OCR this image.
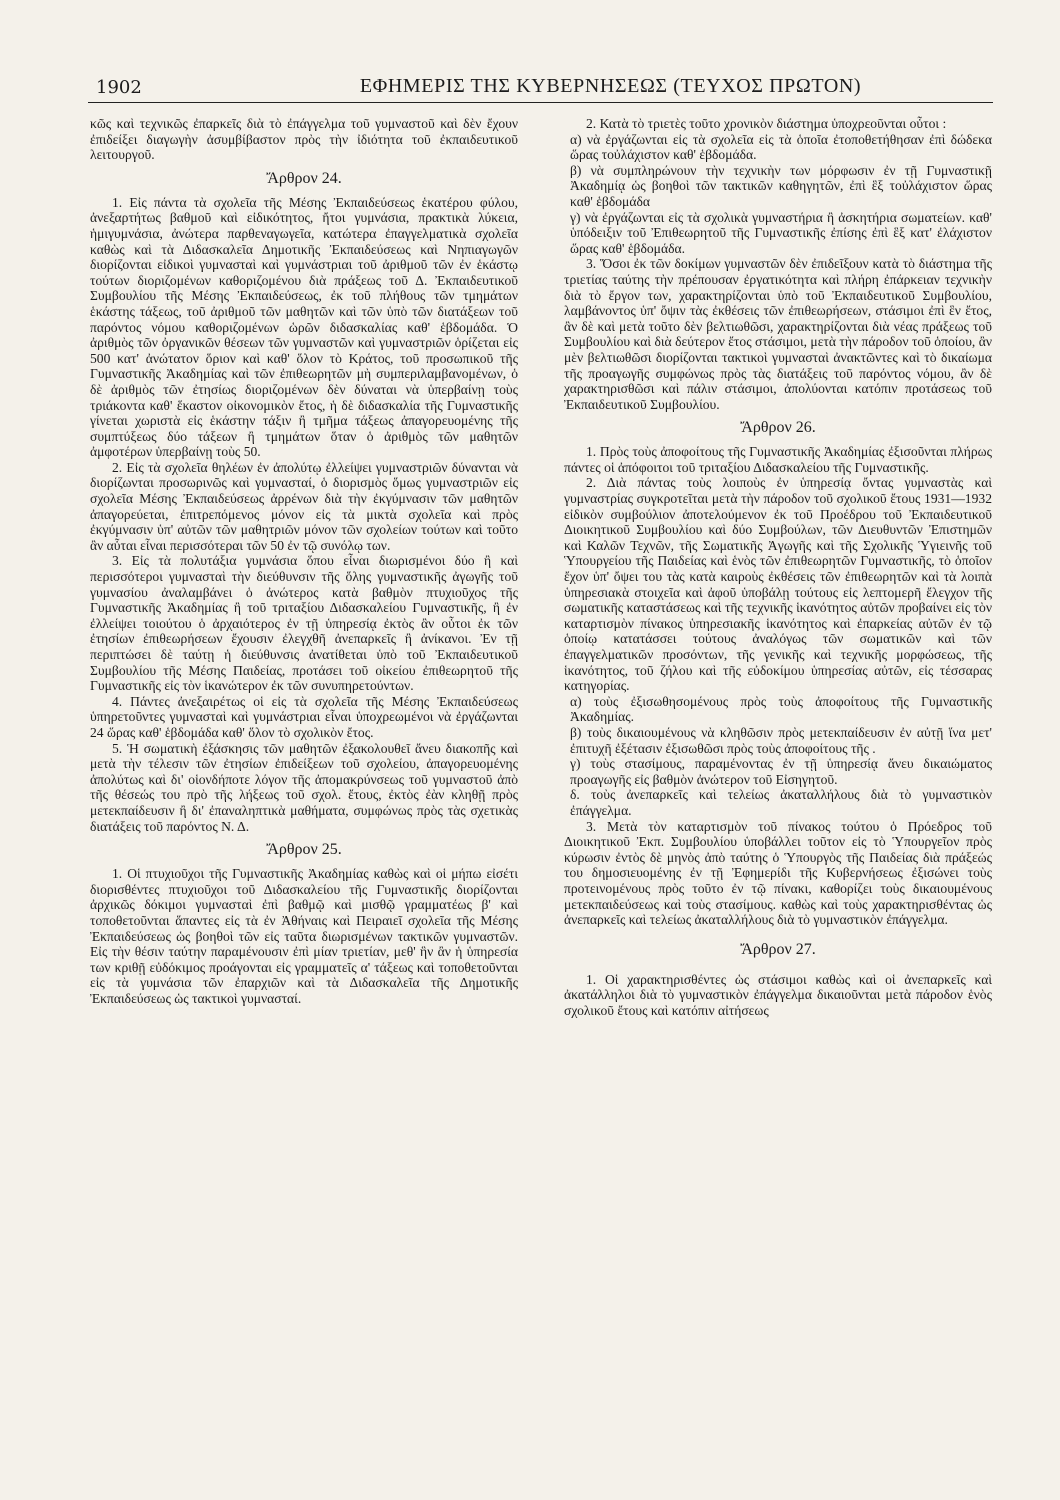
1902	ΕΦΗΜΕΡΙΣ ΤΗΣ ΚΥΒΕΡΝΗΣΕΩΣ (ΤΕΥΧΟΣ ΠΡΩΤΟΝ)

κῶς καὶ τεχνικῶς ἐπαρκεῖς διὰ τὸ ἐπάγγελμα τοῦ γυμναστοῦ καὶ δὲν ἔχουν ἐπιδείξει διαγωγὴν ἀσυμβίβαστον πρὸς τὴν ἰδιότητα τοῦ ἐκπαιδευτικοῦ λειτουργοῦ.

Ἄρθρον 24.

1. Εἰς πάντα τὰ σχολεῖα τῆς Μέσης Ἐκπαιδεύσεως ἑκατέρου φύλου, ἀνεξαρτήτως βαθμοῦ καὶ εἰδικότητος, ἤτοι γυμνάσια, πρακτικὰ λύκεια, ἡμιγυμνάσια, ἀνώτερα παρθεναγωγεῖα, κατώτερα ἐπαγγελματικὰ σχολεῖα καθὼς καὶ τὰ Διδασκαλεῖα Δημοτικῆς Ἐκπαιδεύσεως καὶ Νηπιαγωγῶν διορίζονται εἰδικοὶ γυμνασταὶ καὶ γυμνάστριαι τοῦ ἀριθμοῦ τῶν ἐν ἑκάστῳ τούτων διοριζομένων καθοριζομένου διὰ πράξεως τοῦ Δ. Ἐκπαιδευτικοῦ Συμβουλίου τῆς Μέσης Ἐκπαιδεύσεως, ἐκ τοῦ πλήθους τῶν τμημάτων ἑκάστης τάξεως, τοῦ ἀριθμοῦ τῶν μαθητῶν καὶ τῶν ὑπὸ τῶν διατάξεων τοῦ παρόντος νόμου καθοριζομένων ὡρῶν διδασκαλίας καθ' ἑβδομάδα. Ὁ ἀριθμὸς τῶν ὀργανικῶν θέσεων τῶν γυμναστῶν καὶ γυμναστριῶν ὁρίζεται εἰς 500 κατ' ἀνώτατον ὅριον καὶ καθ' ὅλον τὸ Κράτος, τοῦ προσωπικοῦ τῆς Γυμναστικῆς Ἀκαδημίας καὶ τῶν ἐπιθεωρητῶν μὴ συμπεριλαμβανομένων, ὁ δὲ ἀριθμὸς τῶν ἐτησίως διοριζομένων δὲν δύναται νὰ ὑπερβαίνῃ τοὺς τριάκοντα καθ' ἕκαστον οἰκονομικὸν ἔτος, ἡ δὲ διδασκαλία τῆς Γυμναστικῆς γίνεται χωριστὰ εἰς ἑκάστην τάξιν ἢ τμῆμα τάξεως ἀπαγορευομένης τῆς συμπτύξεως δύο τάξεων ἢ τμημάτων ὅταν ὁ ἀριθμὸς τῶν μαθητῶν ἀμφοτέρων ὑπερβαίνῃ τοὺς 50.

2. Εἰς τὰ σχολεῖα θηλέων ἐν ἀπολύτῳ ἐλλείψει γυμναστριῶν δύνανται νὰ διορίζωνται προσωρινῶς καὶ γυμνασταί, ὁ διορισμὸς ὅμως γυμναστριῶν εἰς σχολεῖα Μέσης Ἐκπαιδεύσεως ἀρρένων διὰ τὴν ἐκγύμνασιν τῶν μαθητῶν ἀπαγορεύεται, ἐπιτρεπόμενος μόνον εἰς τὰ μικτὰ σχολεῖα καὶ πρὸς ἐκγύμνασιν ὑπ' αὐτῶν τῶν μαθητριῶν μόνον τῶν σχολείων τούτων καὶ τοῦτο ἂν αὗται εἶναι περισσότεραι τῶν 50 ἐν τῷ συνόλῳ των.

3. Εἰς τὰ πολυτάξια γυμνάσια ὅπου εἶναι διωρισμένοι δύο ἢ καὶ περισσότεροι γυμνασταὶ τὴν διεύθυνσιν τῆς ὅλης γυμναστικῆς ἀγωγῆς τοῦ γυμνασίου ἀναλαμβάνει ὁ ἀνώτερος κατὰ βαθμὸν πτυχιοῦχος τῆς Γυμναστικῆς Ἀκαδημίας ἢ τοῦ τριταξίου Διδασκαλείου Γυμναστικῆς, ἢ ἐν ἐλλείψει τοιούτου ὁ ἀρχαιότερος ἐν τῇ ὑπηρεσίᾳ ἐκτὸς ἂν οὗτοι ἐκ τῶν ἐτησίων ἐπιθεωρήσεων ἔχουσιν ἐλεγχθῆ ἀνεπαρκεῖς ἢ ἀνίκανοι. Ἐν τῇ περιπτώσει δὲ ταύτῃ ἡ διεύθυνσις ἀνατίθεται ὑπὸ τοῦ Ἐκπαιδευτικοῦ Συμβουλίου τῆς Μέσης Παιδείας, προτάσει τοῦ οἰκείου ἐπιθεωρητοῦ τῆς Γυμναστικῆς εἰς τὸν ἱκανώτερον ἐκ τῶν συνυπηρετούντων.

4. Πάντες ἀνεξαιρέτως οἱ εἰς τὰ σχολεῖα τῆς Μέσης Ἐκπαιδεύσεως ὑπηρετοῦντες γυμνασταὶ καὶ γυμνάστριαι εἶναι ὑποχρεωμένοι νὰ ἐργάζωνται 24 ὥρας καθ' ἑβδομάδα καθ' ὅλον τὸ σχολικὸν ἔτος.

5. Ἡ σωματικὴ ἐξάσκησις τῶν μαθητῶν ἐξακολουθεῖ ἄνευ διακοπῆς καὶ μετὰ τὴν τέλεσιν τῶν ἐτησίων ἐπιδείξεων τοῦ σχολείου, ἀπαγορευομένης ἀπολύτως καὶ δι' οἱονδήποτε λόγον τῆς ἀπομακρύνσεως τοῦ γυμναστοῦ ἀπὸ τῆς θέσεώς του πρὸ τῆς λήξεως τοῦ σχολ. ἔτους, ἐκτὸς ἐὰν κληθῇ πρὸς μετεκπαίδευσιν ἢ δι' ἐπαναληπτικὰ μαθήματα, συμφώνως πρὸς τὰς σχετικὰς διατάξεις τοῦ παρόντος Ν. Δ.

Ἄρθρον 25.

1. Οἱ πτυχιοῦχοι τῆς Γυμναστικῆς Ἀκαδημίας καθὼς καὶ οἱ μήπω εἰσέτι διορισθέντες πτυχιοῦχοι τοῦ Διδασκαλείου τῆς Γυμναστικῆς διορίζονται ἀρχικῶς δόκιμοι γυμνασταὶ ἐπὶ βαθμῷ καὶ μισθῷ γραμματέως β' καὶ τοποθετοῦνται ἅπαντες εἰς τὰ ἐν Ἀθήναις καὶ Πειραιεῖ σχολεῖα τῆς Μέσης Ἐκπαιδεύσεως ὡς βοηθοὶ τῶν εἰς ταῦτα διωρισμένων τακτικῶν γυμναστῶν. Εἰς τὴν θέσιν ταύτην παραμένουσιν ἐπὶ μίαν τριετίαν, μεθ' ἣν ἂν ἡ ὑπηρεσία των κριθῇ εὐδόκιμος προάγονται εἰς γραμματεῖς α' τάξεως καὶ τοποθετοῦνται εἰς τὰ γυμνάσια τῶν ἐπαρχιῶν καὶ τὰ Διδασκαλεῖα τῆς Δημοτικῆς Ἐκπαιδεύσεως ὡς τακτικοὶ γυμνασταί.

2. Κατὰ τὸ τριετὲς τοῦτο χρονικὸν διάστημα ὑποχρεοῦνται οὗτοι :

α) νὰ ἐργάζωνται εἰς τὰ σχολεῖα εἰς τὰ ὁποῖα ἐτοποθετήθησαν ἐπὶ δώδεκα ὥρας τοὐλάχιστον καθ' ἑβδομάδα.

β) νὰ συμπληρώνουν τὴν τεχνικὴν των μόρφωσιν ἐν τῇ Γυμναστικῇ Ἀκαδημίᾳ ὡς βοηθοὶ τῶν τακτικῶν καθηγητῶν, ἐπὶ ἓξ τοὐλάχιστον ὥρας καθ' ἑβδομάδα

γ) νὰ ἐργάζωνται εἰς τὰ σχολικὰ γυμναστήρια ἢ ἀσκητήρια σωματείων. καθ' ὑπόδειξιν τοῦ Ἐπιθεωρητοῦ τῆς Γυμναστικῆς ἐπίσης ἐπὶ ἓξ κατ' ἐλάχιστον ὥρας καθ' ἑβδομάδα.

3. Ὅσοι ἐκ τῶν δοκίμων γυμναστῶν δὲν ἐπιδεῖξουν κατὰ τὸ διάστημα τῆς τριετίας ταύτης τὴν πρέπουσαν ἐργατικότητα καὶ πλήρη ἐπάρκειαν τεχνικὴν διὰ τὸ ἔργον των, χαρακτηρίζονται ὑπὸ τοῦ Ἐκπαιδευτικοῦ Συμβουλίου, λαμβάνοντος ὑπ' ὄψιν τὰς ἐκθέσεις τῶν ἐπιθεωρήσεων, στάσιμοι ἐπὶ ἓν ἔτος, ἂν δὲ καὶ μετὰ τοῦτο δὲν βελτιωθῶσι, χαρακτηρίζονται διὰ νέας πράξεως τοῦ Συμβουλίου καὶ διὰ δεύτερον ἔτος στάσιμοι, μετὰ τὴν πάροδον τοῦ ὁποίου, ἂν μὲν βελτιωθῶσι διορίζονται τακτικοὶ γυμνασταὶ ἀνακτῶντες καὶ τὸ δικαίωμα τῆς προαγωγῆς συμφώνως πρὸς τὰς διατάξεις τοῦ παρόντος νόμου, ἂν δὲ χαρακτηρισθῶσι καὶ πάλιν στάσιμοι, ἀπολύονται κατόπιν προτάσεως τοῦ Ἐκπαιδευτικοῦ Συμβουλίου.

Ἄρθρον 26.

1. Πρὸς τοὺς ἀποφοίτους τῆς Γυμναστικῆς Ἀκαδημίας ἐξισοῦνται πλήρως πάντες οἱ ἀπόφοιτοι τοῦ τριταξίου Διδασκαλείου τῆς Γυμναστικῆς.

2. Διὰ πάντας τοὺς λοιποὺς ἐν ὑπηρεσίᾳ ὄντας γυμναστὰς καὶ γυμναστρίας συγκροτεῖται μετὰ τὴν πάροδον τοῦ σχολικοῦ ἔτους 1931—1932 εἰδικὸν συμβούλιον ἀποτελούμενον ἐκ τοῦ Προέδρου τοῦ Ἐκπαιδευτικοῦ Διοικητικοῦ Συμβουλίου καὶ δύο Συμβούλων, τῶν Διευθυντῶν Ἐπιστημῶν καὶ Καλῶν Τεχνῶν, τῆς Σωματικῆς Ἀγωγῆς καὶ τῆς Σχολικῆς Ὑγιεινῆς τοῦ Ὑπουργείου τῆς Παιδείας καὶ ἑνὸς τῶν ἐπιθεωρητῶν Γυμναστικῆς, τὸ ὁποῖον ἔχον ὑπ' ὄψει του τὰς κατὰ καιροὺς ἐκθέσεις τῶν ἐπιθεωρητῶν καὶ τὰ λοιπὰ ὑπηρεσιακὰ στοιχεῖα καὶ ἀφοῦ ὑποβάλῃ τούτους εἰς λεπτομερῆ ἔλεγχον τῆς σωματικῆς καταστάσεως καὶ τῆς τεχνικῆς ἱκανότητος αὐτῶν προβαίνει εἰς τὸν καταρτισμὸν πίνακος ὑπηρεσιακῆς ἱκανότητος καὶ ἐπαρκείας αὐτῶν ἐν τῷ ὁποίῳ κατατάσσει τούτους ἀναλόγως τῶν σωματικῶν καὶ τῶν ἐπαγγελματικῶν προσόντων, τῆς γενικῆς καὶ τεχνικῆς μορφώσεως, τῆς ἱκανότητος, τοῦ ζήλου καὶ τῆς εὐδοκίμου ὑπηρεσίας αὐτῶν, εἰς τέσσαρας κατηγορίας.

α) τοὺς ἐξισωθησομένους πρὸς τοὺς ἀποφοίτους τῆς Γυμναστικῆς Ἀκαδημίας.

β) τοὺς δικαιουμένους νὰ κληθῶσιν πρὸς μετεκπαίδευσιν ἐν αὐτῇ ἵνα μετ' ἐπιτυχῆ ἐξέτασιν ἐξισωθῶσι πρὸς τοὺς ἀποφοίτους τῆς .

γ) τοὺς στασίμους, παραμένοντας ἐν τῇ ὑπηρεσίᾳ ἄνευ δικαιώματος προαγωγῆς εἰς βαθμὸν ἀνώτερον τοῦ Εἰσηγητοῦ.

δ. τοὺς ἀνεπαρκεῖς καὶ τελείως ἀκαταλλήλους διὰ τὸ γυμναστικὸν ἐπάγγελμα.

3. Μετὰ τὸν καταρτισμὸν τοῦ πίνακος τούτου ὁ Πρόεδρος τοῦ Διοικητικοῦ Ἐκπ. Συμβουλίου ὑποβάλλει τοῦτον εἰς τὸ Ὑπουργεῖον πρὸς κύρωσιν ἐντὸς δὲ μηνὸς ἀπὸ ταύτης ὁ Ὑπουργὸς τῆς Παιδείας διὰ πράξεώς του δημοσιευομένης ἐν τῇ Ἐφημερίδι τῆς Κυβερνήσεως ἐξισώνει τοὺς προτεινομένους πρὸς τοῦτο ἐν τῷ πίνακι, καθορίζει τοὺς δικαιουμένους μετεκπαιδεύσεως καὶ τοὺς στασίμους. καθὼς καὶ τοὺς χαρακτηρισθέντας ὡς ἀνεπαρκεῖς καὶ τελείως ἀκαταλλήλους διὰ τὸ γυμναστικὸν ἐπάγγελμα.

Ἄρθρον 27.

1. Οἱ χαρακτηρισθέντες ὡς στάσιμοι καθὼς καὶ οἱ ἀνεπαρκεῖς καὶ ἀκατάλληλοι διὰ τὸ γυμναστικὸν ἐπάγγελμα δικαιοῦνται μετὰ πάροδον ἑνὸς σχολικοῦ ἔτους καὶ κατόπιν αἰτήσεως
